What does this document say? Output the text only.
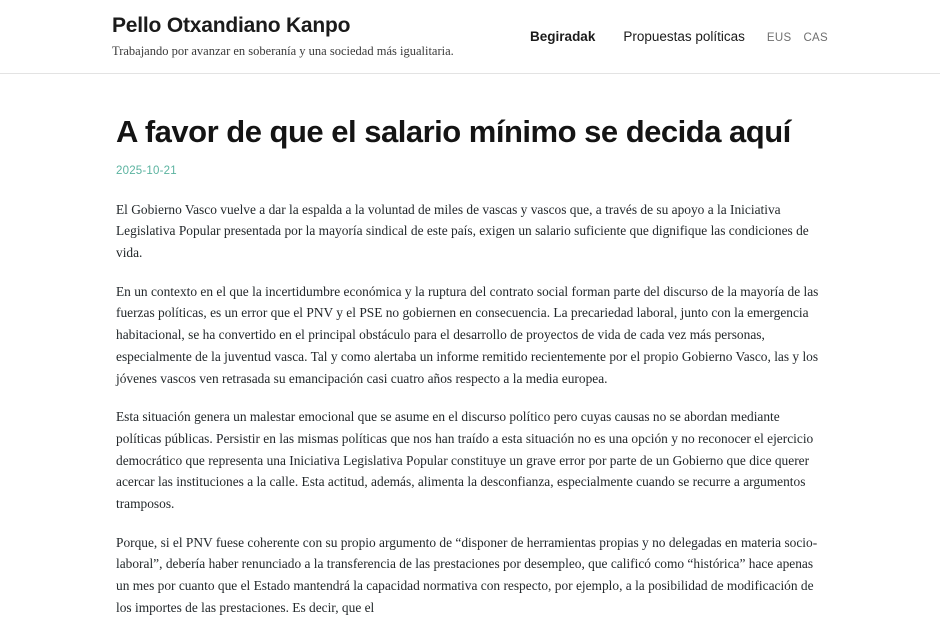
Pello Otxandiano Kanpo
Trabajando por avanzar en soberanía y una sociedad más igualitaria.
Begiradak Propuestas políticas EUS CAS
A favor de que el salario mínimo se decida aquí
2025-10-21

El Gobierno Vasco vuelve a dar la espalda a la voluntad de miles de vascas y vascos que, a través de su apoyo a la Iniciativa Legislativa Popular presentada por la mayoría sindical de este país, exigen un salario suficiente que dignifique las condiciones de vida.

En un contexto en el que la incertidumbre económica y la ruptura del contrato social forman parte del discurso de la mayoría de las fuerzas políticas, es un error que el PNV y el PSE no gobiernen en consecuencia. La precariedad laboral, junto con la emergencia habitacional, se ha convertido en el principal obstáculo para el desarrollo de proyectos de vida de cada vez más personas, especialmente de la juventud vasca. Tal y como alertaba un informe remitido recientemente por el propio Gobierno Vasco, las y los jóvenes vascos ven retrasada su emancipación casi cuatro años respecto a la media europea.

Esta situación genera un malestar emocional que se asume en el discurso político pero cuyas causas no se abordan mediante políticas públicas. Persistir en las mismas políticas que nos han traído a esta situación no es una opción y no reconocer el ejercicio democrático que representa una Iniciativa Legislativa Popular constituye un grave error por parte de un Gobierno que dice querer acercar las instituciones a la calle. Esta actitud, además, alimenta la desconfianza, especialmente cuando se recurre a argumentos tramposos.

Porque, si el PNV fuese coherente con su propio argumento de “disponer de herramientas propias y no delegadas en materia socio-laboral”, debería haber renunciado a la transferencia de las prestaciones por desempleo, que calificó como “histórica” hace apenas un mes por cuanto que el Estado mantendrá la capacidad normativa con respecto, por ejemplo, a la posibilidad de modificación de los importes de las prestaciones. Es decir, que el
